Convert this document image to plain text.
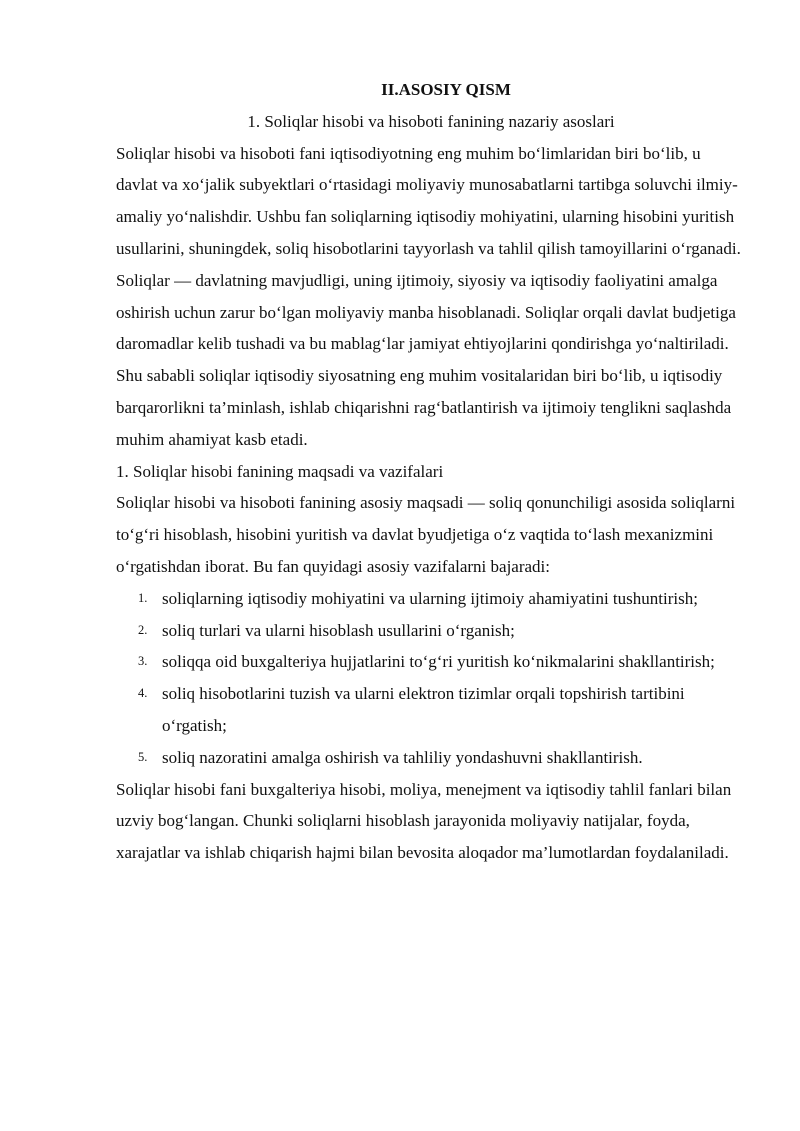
II.ASOSIY QISM

1. Soliqlar hisobi va hisoboti fanining nazariy asoslari

Soliqlar hisobi va hisoboti fani iqtisodiyotning eng muhim bo‘limlaridan biri bo‘lib, u davlat va xo‘jalik subyektlari o‘rtasidagi moliyaviy munosabatlarni tartibga soluvchi ilmiy-amaliy yo‘nalishdir. Ushbu fan soliqlarning iqtisodiy mohiyatini, ularning hisobini yuritish usullarini, shuningdek, soliq hisobotlarini tayyorlash va tahlil qilish tamoyillarini o‘rganadi.

Soliqlar — davlatning mavjudligi, uning ijtimoiy, siyosiy va iqtisodiy faoliyatini amalga oshirish uchun zarur bo‘lgan moliyaviy manba hisoblanadi. Soliqlar orqali davlat budjetiga daromadlar kelib tushadi va bu mablag‘lar jamiyat ehtiyojlarini qondirishga yo‘naltiriladi. Shu sababli soliqlar iqtisodiy siyosatning eng muhim vositalaridan biri bo‘lib, u iqtisodiy barqarorlikni ta’minlash, ishlab chiqarishni rag‘batlantirish va ijtimoiy tenglikni saqlashda muhim ahamiyat kasb etadi.

1. Soliqlar hisobi fanining maqsadi va vazifalari

Soliqlar hisobi va hisoboti fanining asosiy maqsadi — soliq qonunchiligi asosida soliqlarni to‘g‘ri hisoblash, hisobini yuritish va davlat byudjetiga o‘z vaqtida to‘lash mexanizmini o‘rgatishdan iborat. Bu fan quyidagi asosiy vazifalarni bajaradi:

1. soliqlarning iqtisodiy mohiyatini va ularning ijtimoiy ahamiyatini tushuntirish;
2. soliq turlari va ularni hisoblash usullarini o‘rganish;
3. soliqqa oid buxgalteriya hujjatlarini to‘g‘ri yuritish ko‘nikmalarini shakllantirish;
4. soliq hisobotlarini tuzish va ularni elektron tizimlar orqali topshirish tartibini o‘rgatish;
5. soliq nazoratini amalga oshirish va tahliliy yondashuvni shakllantirish.

Soliqlar hisobi fani buxgalteriya hisobi, moliya, menejment va iqtisodiy tahlil fanlari bilan uzviy bog‘langan. Chunki soliqlarni hisoblash jarayonida moliyaviy natijalar, foyda, xarajatlar va ishlab chiqarish hajmi bilan bevosita aloqador ma’lumotlardan foydalaniladi.
